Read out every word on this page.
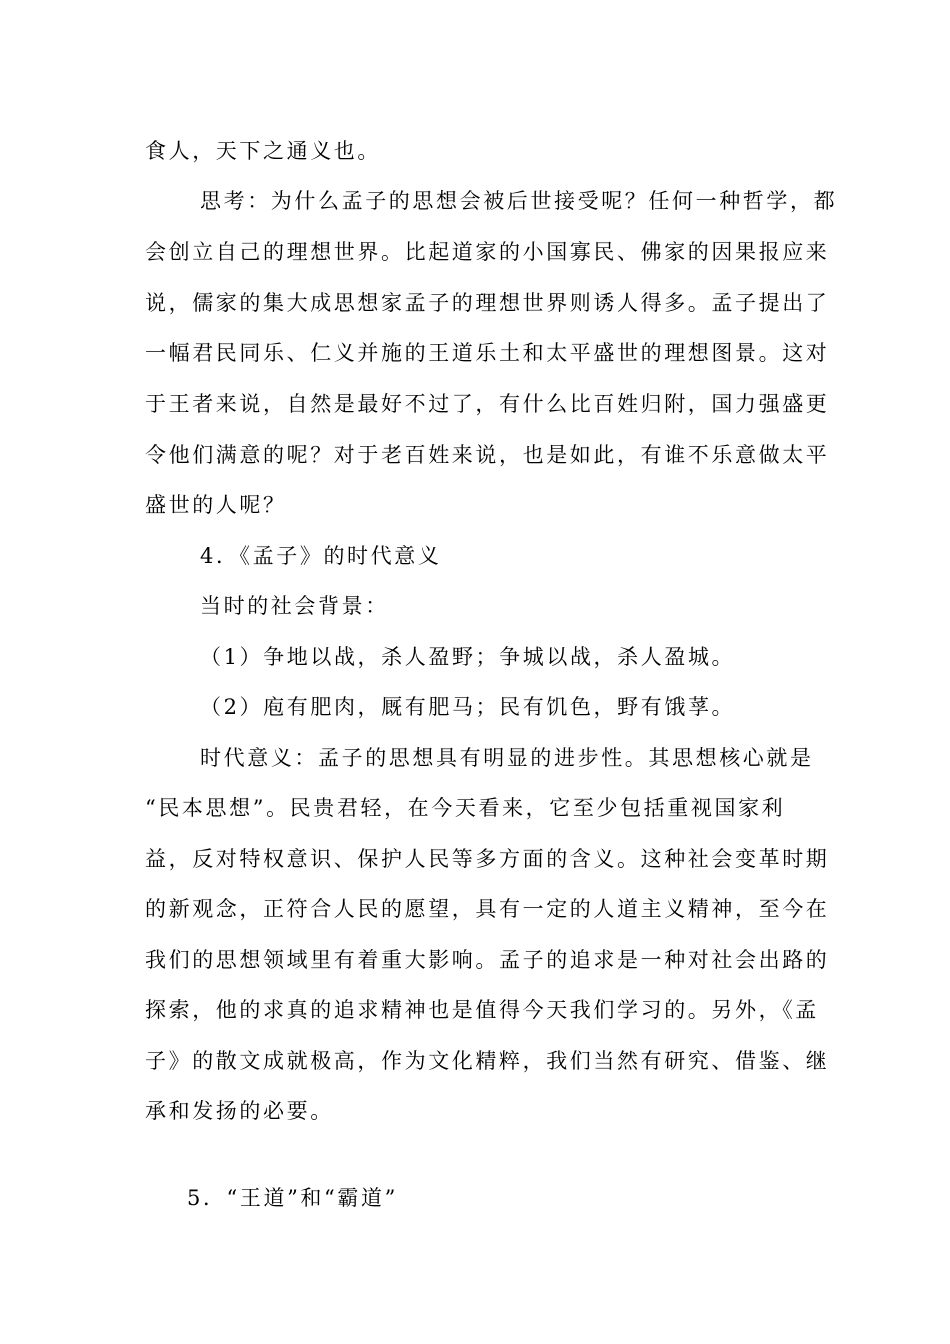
食人，天下之通义也。
思考：为什么孟子的思想会被后世接受呢？任何一种哲学，都
会创立自己的理想世界。比起道家的小国寡民、佛家的因果报应来
说，儒家的集大成思想家孟子的理想世界则诱人得多。孟子提出了
一幅君民同乐、仁义并施的王道乐土和太平盛世的理想图景。这对
于王者来说，自然是最好不过了，有什么比百姓归附，国力强盛更
令他们满意的呢？对于老百姓来说，也是如此，有谁不乐意做太平
盛世的人呢？
4．《孟子》的时代意义
当时的社会背景：
（1）争地以战，杀人盈野；争城以战，杀人盈城。
（2）庖有肥肉，厩有肥马；民有饥色，野有饿莩。
时代意义：孟子的思想具有明显的进步性。其思想核心就是
“民本思想”。民贵君轻，在今天看来，它至少包括重视国家利
益，反对特权意识、保护人民等多方面的含义。这种社会变革时期
的新观念，正符合人民的愿望，具有一定的人道主义精神，至今在
我们的思想领域里有着重大影响。孟子的追求是一种对社会出路的
探索，他的求真的追求精神也是值得今天我们学习的。另外，《孟
子》的散文成就极高，作为文化精粹，我们当然有研究、借鉴、继
承和发扬的必要。
5．“王道”和“霸道”
